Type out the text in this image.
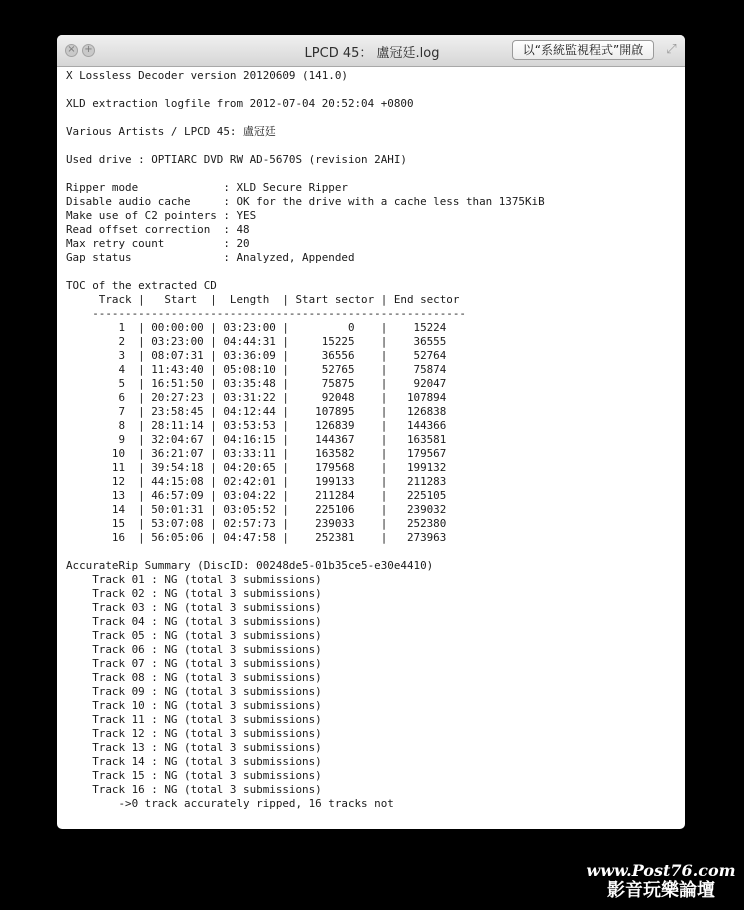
× +	LPCD 45： 盧冠廷.log	以“系統監視程式”開啟	⤢
X Lossless Decoder version 20120609 (141.0)

XLD extraction logfile from 2012-07-04 20:52:04 +0800

Various Artists / LPCD 45: 盧冠廷

Used drive : OPTIARC DVD RW AD-5670S (revision 2AHI)

Ripper mode             : XLD Secure Ripper
Disable audio cache     : OK for the drive with a cache less than 1375KiB
Make use of C2 pointers : YES
Read offset correction  : 48
Max retry count         : 20
Gap status              : Analyzed, Appended

TOC of the extracted CD
Track |   Start  |  Length  | Start sector | End sector
---------------------------------------------------------
1  | 00:00:00 | 03:23:00 |         0    |    15224
2  | 03:23:00 | 04:44:31 |     15225    |    36555
3  | 08:07:31 | 03:36:09 |     36556    |    52764
4  | 11:43:40 | 05:08:10 |     52765    |    75874
5  | 16:51:50 | 03:35:48 |     75875    |    92047
6  | 20:27:23 | 03:31:22 |     92048    |   107894
7  | 23:58:45 | 04:12:44 |    107895    |   126838
8  | 28:11:14 | 03:53:53 |    126839    |   144366
9  | 32:04:67 | 04:16:15 |    144367    |   163581
10  | 36:21:07 | 03:33:11 |    163582    |   179567
11  | 39:54:18 | 04:20:65 |    179568    |   199132
12  | 44:15:08 | 02:42:01 |    199133    |   211283
13  | 46:57:09 | 03:04:22 |    211284    |   225105
14  | 50:01:31 | 03:05:52 |    225106    |   239032
15  | 53:07:08 | 02:57:73 |    239033    |   252380
16  | 56:05:06 | 04:47:58 |    252381    |   273963

AccurateRip Summary (DiscID: 00248de5-01b35ce5-e30e4410)
Track 01 : NG (total 3 submissions)
Track 02 : NG (total 3 submissions)
Track 03 : NG (total 3 submissions)
Track 04 : NG (total 3 submissions)
Track 05 : NG (total 3 submissions)
Track 06 : NG (total 3 submissions)
Track 07 : NG (total 3 submissions)
Track 08 : NG (total 3 submissions)
Track 09 : NG (total 3 submissions)
Track 10 : NG (total 3 submissions)
Track 11 : NG (total 3 submissions)
Track 12 : NG (total 3 submissions)
Track 13 : NG (total 3 submissions)
Track 14 : NG (total 3 submissions)
Track 15 : NG (total 3 submissions)
Track 16 : NG (total 3 submissions)
->0 track accurately ripped, 16 tracks not
www.Post76.com
影音玩樂論壇
